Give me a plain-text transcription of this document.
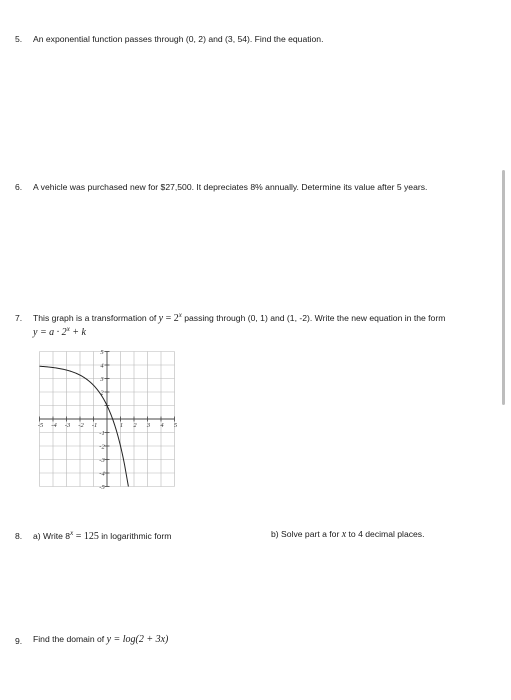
5. An exponential function passes through (0, 2) and (3, 54). Find the equation.
6. A vehicle was purchased new for $27,500. It depreciates 8% annually. Determine its value after 5 years.
7. This graph is a transformation of $y = 2^x$ passing through (0, 1) and (1, -2). Write the new equation in the form
$y = a \cdot 2^x + k$
-5 -4 -3 -2 -1	1 2 3 4 5
5
4
3
2
-1
-2
-3
-4
-5
8. a) Write $8^x = 125$ in logarithmic form	b) Solve part a for x to 4 decimal places.
9. Find the domain of y = log(2 + 3x)
